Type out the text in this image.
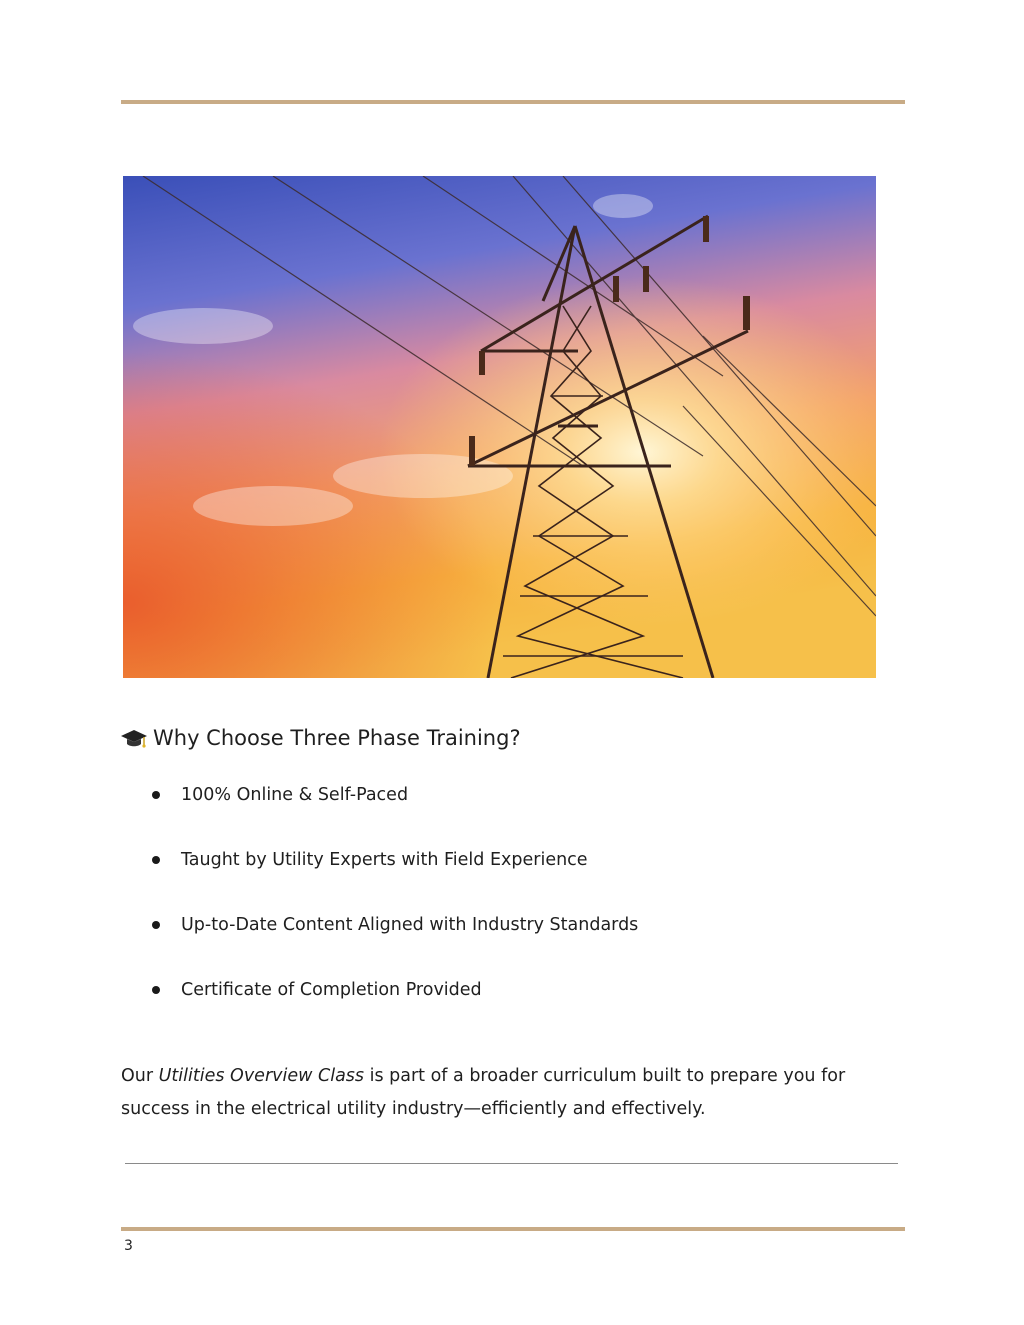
Why Choose Three Phase Training?
100% Online & Self-Paced
Taught by Utility Experts with Field Experience
Up-to-Date Content Aligned with Industry Standards
Certificate of Completion Provided

Our Utilities Overview Class is part of a broader curriculum built to prepare you for success in the electrical utility industry—efficiently and effectively.

3
